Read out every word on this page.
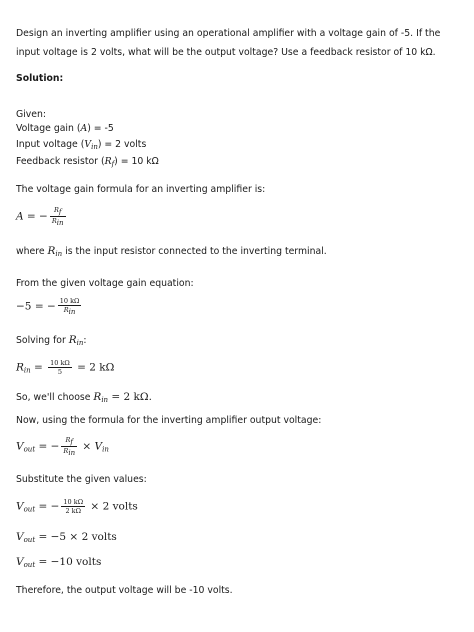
Design an inverting amplifier using an operational amplifier with a voltage gain of -5. If the input voltage is 2 volts, what will be the output voltage? Use a feedback resistor of 10 kΩ.
Solution:
Given:
Voltage gain (A) = -5
Input voltage $(V_{in}) = 2$ volts
Feedback resistor $(R_f) = 10$ kΩ
The voltage gain formula for an inverting amplifier is:
A = − $\frac{Rf}{\text{Rin}}$
where $R_{in}$ is the input resistor connected to the inverting terminal.
From the given voltage gain equation:
−5 = − $\frac{10 k\Omega}{\text{Rin}}$
Solving for $R_{in}$:
$R_{in} = \frac{10 k\Omega}{5} = 2$ kΩ
So, we'll choose $R_{in} = 2$ kΩ.
Now, using the formula for the inverting amplifier output voltage:
$V_{out}$ = − $\frac{Rf}{\text{Rin}} \times V_{in}$
Substitute the given values:
$V_{out}$ = − $\frac{10 k\Omega}{2 k\Omega} \times 2$ volts
$V_{out} = -5 \times 2$ volts
$V_{out} = -10$ volts
Therefore, the output voltage will be -10 volts.
